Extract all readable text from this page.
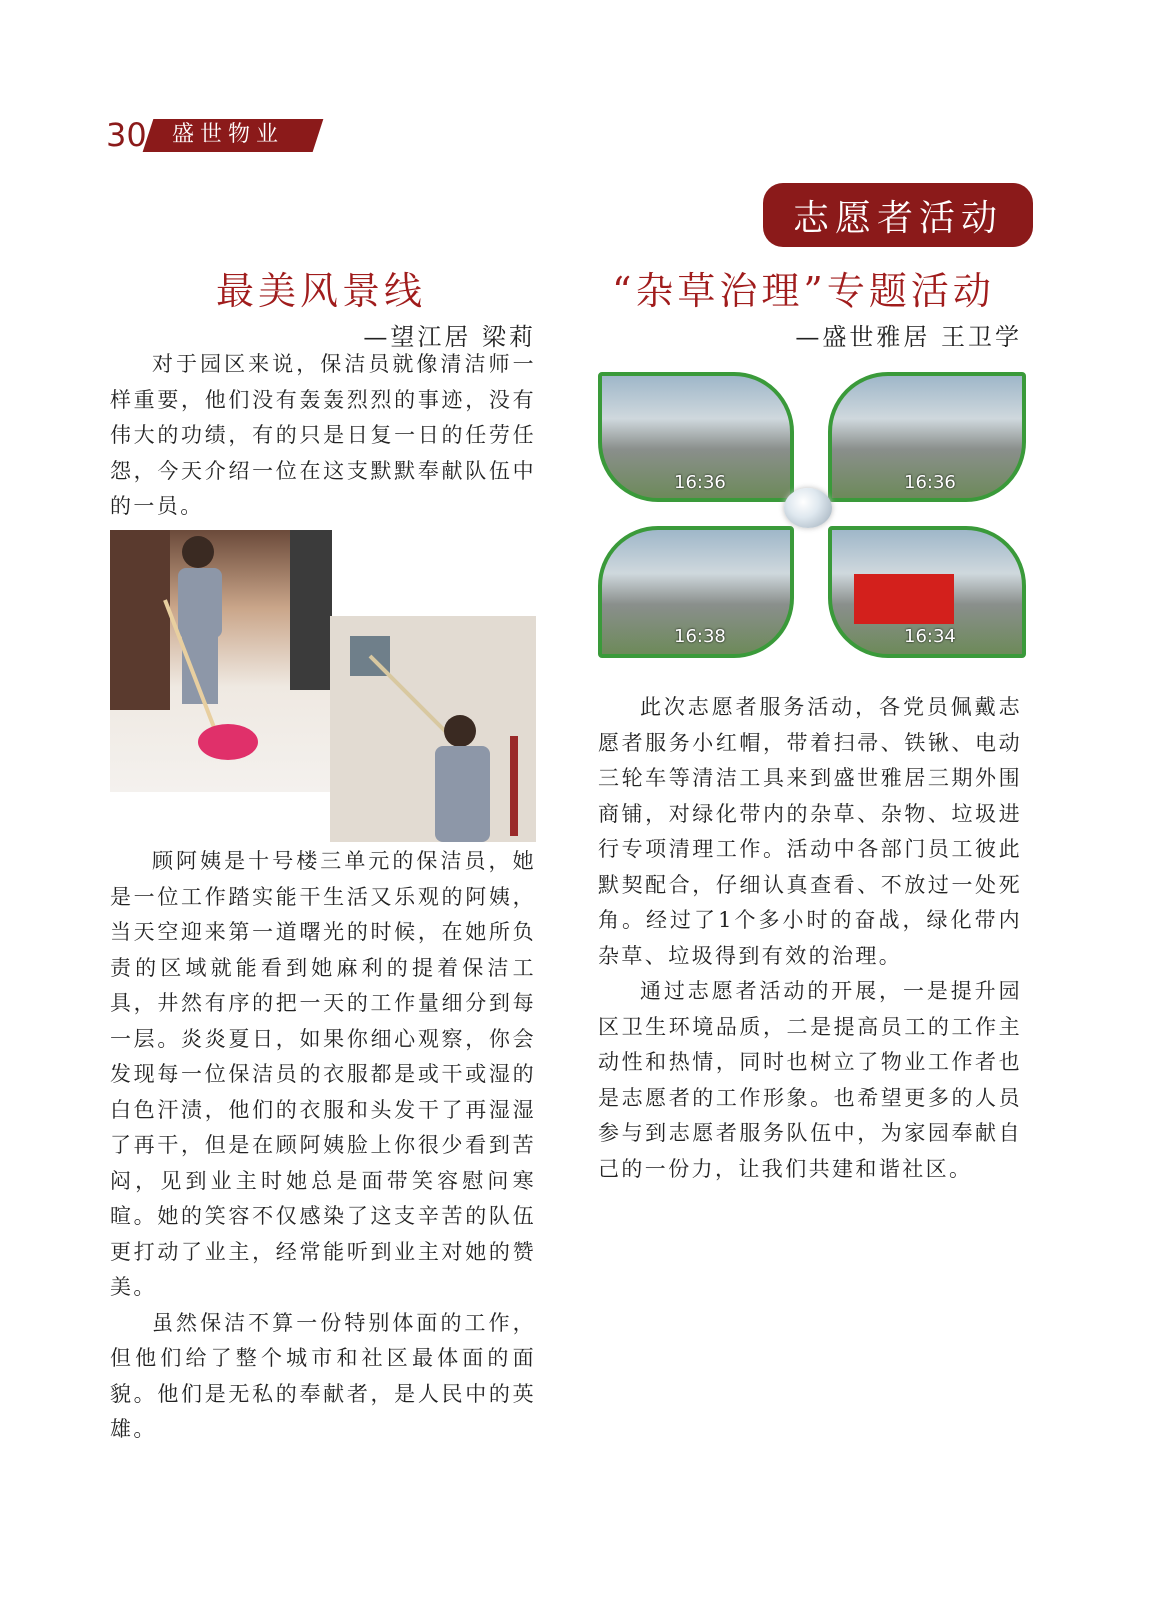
30 盛世物业
志愿者活动
最美风景线
—望江居 梁莉

对于园区来说，保洁员就像清洁师一样重要，他们没有轰轰烈烈的事迹，没有伟大的功绩，有的只是日复一日的任劳任怨，今天介绍一位在这支默默奉献队伍中的一员。

顾阿姨是十号楼三单元的保洁员，她是一位工作踏实能干生活又乐观的阿姨，当天空迎来第一道曙光的时候，在她所负责的区域就能看到她麻利的提着保洁工具，井然有序的把一天的工作量细分到每一层。炎炎夏日，如果你细心观察，你会发现每一位保洁员的衣服都是或干或湿的白色汗渍，他们的衣服和头发干了再湿湿了再干，但是在顾阿姨脸上你很少看到苦闷，见到业主时她总是面带笑容慰问寒暄。她的笑容不仅感染了这支辛苦的队伍更打动了业主，经常能听到业主对她的赞美。

虽然保洁不算一份特别体面的工作，但他们给了整个城市和社区最体面的面貌。他们是无私的奉献者，是人民中的英雄。

“杂草治理”专题活动
—盛世雅居 王卫学
16:36	16:36
16:38	16:34

此次志愿者服务活动，各党员佩戴志愿者服务小红帽，带着扫帚、铁锹、电动三轮车等清洁工具来到盛世雅居三期外围商铺，对绿化带内的杂草、杂物、垃圾进行专项清理工作。活动中各部门员工彼此默契配合，仔细认真查看、不放过一处死角。经过了1个多小时的奋战，绿化带内杂草、垃圾得到有效的治理。

通过志愿者活动的开展，一是提升园区卫生环境品质，二是提高员工的工作主动性和热情，同时也树立了物业工作者也是志愿者的工作形象。也希望更多的人员参与到志愿者服务队伍中，为家园奉献自己的一份力，让我们共建和谐社区。
